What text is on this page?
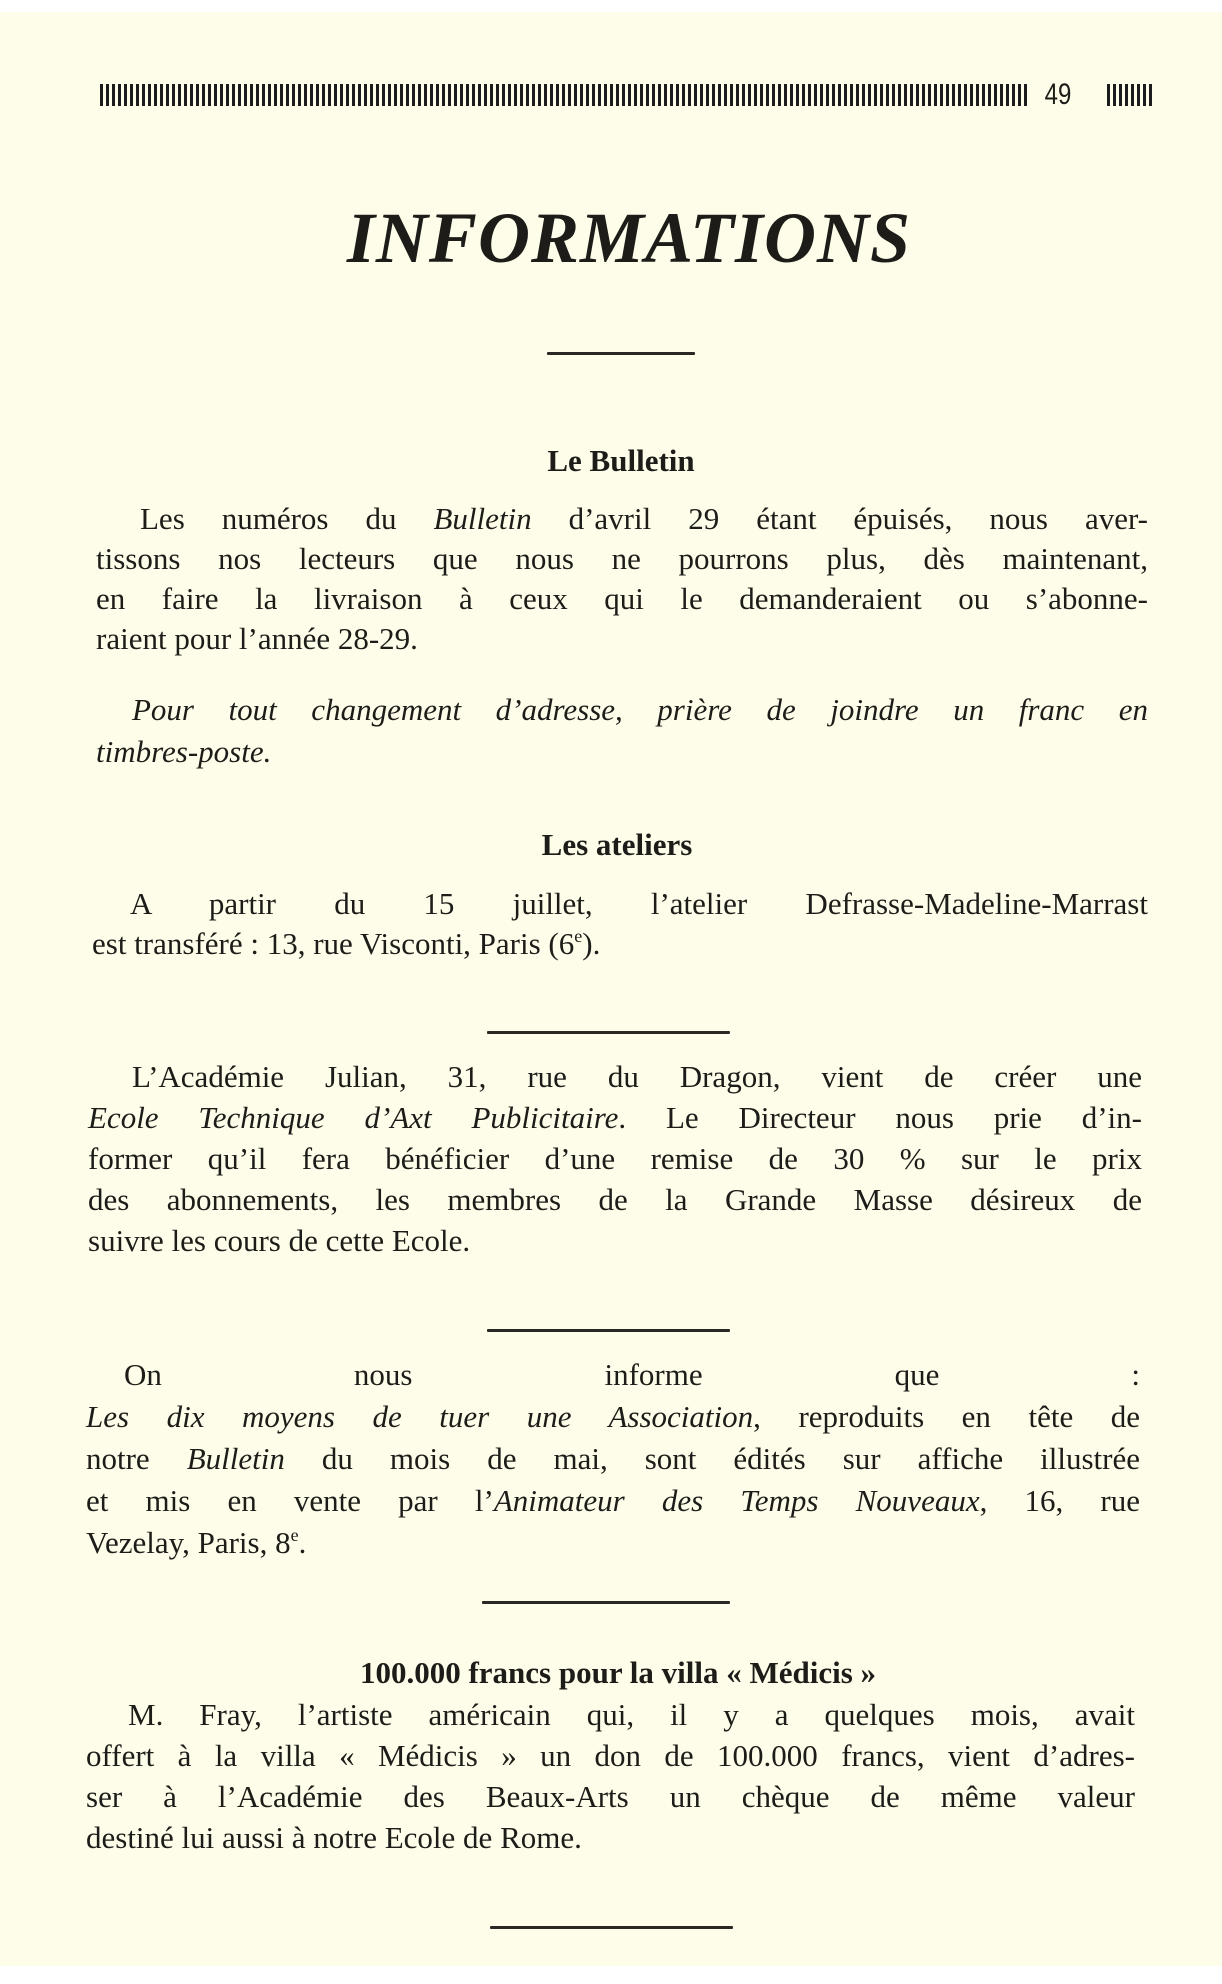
49
INFORMATIONS
Le Bulletin
Les numéros du Bulletin d’avril 29 étant épuisés, nous aver-
tissons nos lecteurs que nous ne pourrons plus, dès maintenant,
en faire la livraison à ceux qui le demanderaient ou s’abonne-
raient pour l’année 28-29.
Pour tout changement d’adresse, prière de joindre un franc en
timbres-poste.
Les ateliers
A partir du 15 juillet, l’atelier Defrasse-Madeline-Marrast
est transféré : 13, rue Visconti, Paris (6e).
L’Académie Julian, 31, rue du Dragon, vient de créer une
Ecole Technique d’Axt Publicitaire. Le Directeur nous prie d’in-
former qu’il fera bénéficier d’une remise de 30 % sur le prix
des abonnements, les membres de la Grande Masse désireux de
suivre les cours de cette Ecole.
On nous informe que :
Les dix moyens de tuer une Association, reproduits en tête de
notre Bulletin du mois de mai, sont édités sur affiche illustrée
et mis en vente par l’Animateur des Temps Nouveaux, 16, rue
Vezelay, Paris, 8e.
100.000 francs pour la villa « Médicis »
M. Fray, l’artiste américain qui, il y a quelques mois, avait
offert à la villa « Médicis » un don de 100.000 francs, vient d’adres-
ser à l’Académie des Beaux-Arts un chèque de même valeur
destiné lui aussi à notre Ecole de Rome.
